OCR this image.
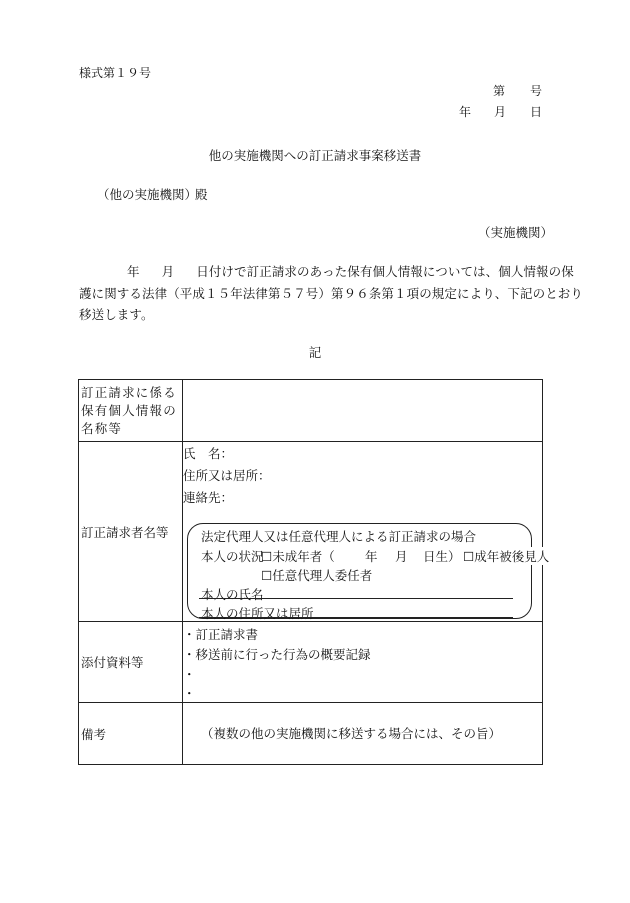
様式第１９号
第 号
年 月 日
他の実施機関への訂正請求事案移送書
（他の実施機関）
殿
（実施機関）
年 月 日付けで訂正請求のあった保有個人情報については、個人情報の保
護に関する法律（平成１５年法律第５７号）第９６条第１項の規定により、下記のとおり
移送します。
記
訂正請求に係る保有個人情報の名称等
訂正請求者名等
氏　名：
住所又は居所：
連絡先：
法定代理人又は任意代理人による訂正請求の場合
本人の状況
☐未成年者（ 年 月 日生） ☐成年被後見人
☐任意代理人委任者
本人の氏名
本人の住所又は居所
添付資料等
・訂正請求書
・移送前に行った行為の概要記録
・
・
備考	（複数の他の実施機関に移送する場合には、その旨）
